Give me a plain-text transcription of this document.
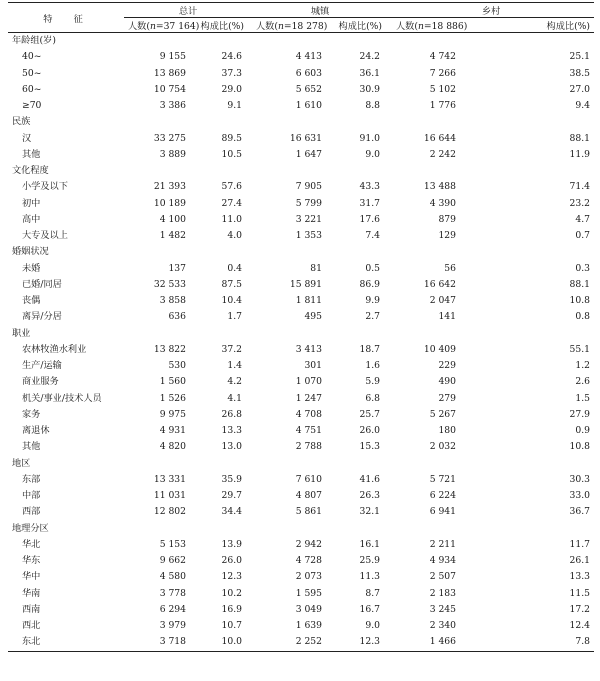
特　征	总计		城镇		乡村	
	人数(n=37 164)	构成比(%)	人数(n=18 278)	构成比(%)	人数(n=18 886)	构成比(%)
年龄组(岁)						
40~	9 155	24.6	4 413	24.2	4 742	25.1
50~	13 869	37.3	6 603	36.1	7 266	38.5
60~	10 754	29.0	5 652	30.9	5 102	27.0
≥70	3 386	9.1	1 610	8.8	1 776	9.4
民族						
汉	33 275	89.5	16 631	91.0	16 644	88.1
其他	3 889	10.5	1 647	9.0	2 242	11.9
文化程度						
小学及以下	21 393	57.6	7 905	43.3	13 488	71.4
初中	10 189	27.4	5 799	31.7	4 390	23.2
高中	4 100	11.0	3 221	17.6	879	4.7
大专及以上	1 482	4.0	1 353	7.4	129	0.7
婚姻状况						
未婚	137	0.4	81	0.5	56	0.3
已婚/同居	32 533	87.5	15 891	86.9	16 642	88.1
丧偶	3 858	10.4	1 811	9.9	2 047	10.8
离异/分居	636	1.7	495	2.7	141	0.8
职业						
农林牧渔水利业	13 822	37.2	3 413	18.7	10 409	55.1
生产/运输	530	1.4	301	1.6	229	1.2
商业服务	1 560	4.2	1 070	5.9	490	2.6
机关/事业/技术人员	1 526	4.1	1 247	6.8	279	1.5
家务	9 975	26.8	4 708	25.7	5 267	27.9
离退休	4 931	13.3	4 751	26.0	180	0.9
其他	4 820	13.0	2 788	15.3	2 032	10.8
地区						
东部	13 331	35.9	7 610	41.6	5 721	30.3
中部	11 031	29.7	4 807	26.3	6 224	33.0
西部	12 802	34.4	5 861	32.1	6 941	36.7
地理分区						
华北	5 153	13.9	2 942	16.1	2 211	11.7
华东	9 662	26.0	4 728	25.9	4 934	26.1
华中	4 580	12.3	2 073	11.3	2 507	13.3
华南	3 778	10.2	1 595	8.7	2 183	11.5
西南	6 294	16.9	3 049	16.7	3 245	17.2
西北	3 979	10.7	1 639	9.0	2 340	12.4
东北	3 718	10.0	2 252	12.3	1 466	7.8
